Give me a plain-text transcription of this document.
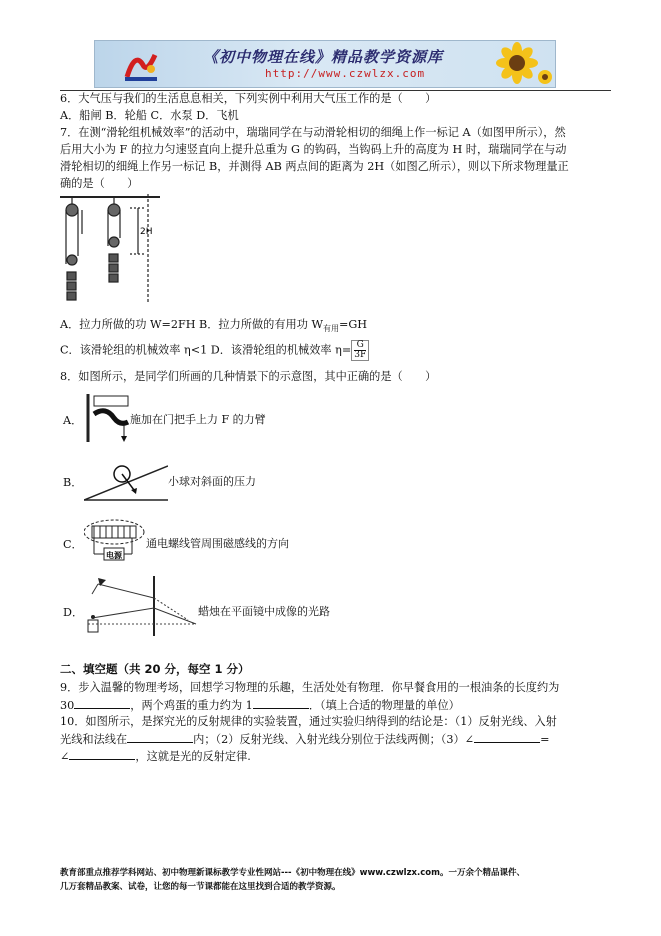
《初中物理在线》精品教学资源库
http://www.czwlzx.com
6．大气压与我们的生活息息相关，下列实例中利用大气压工作的是（　　）
A．船闸 B．轮船 C．水泵 D．飞机
7．在测“滑轮组机械效率”的活动中，瑞瑞同学在与动滑轮相切的细绳上作一标记 A（如图甲所示），然
后用大小为 F 的拉力匀速竖直向上提升总重为 G 的钩码，当钩码上升的高度为 H 时，瑞瑞同学在与动
滑轮相切的细绳上作另一标记 B，并测得 AB 两点间的距离为 2H（如图乙所示），则以下所求物理量正
确的是（　　）
2H
A．拉力所做的功 W=2FH B．拉力所做的有用功 $W_{有用}=GH$
C．该滑轮组的机械效率 η<1 D．该滑轮组的机械效率 $\eta= \frac{G}{3F}$
8．如图所示，是同学们所画的几种情景下的示意图，其中正确的是（　　）
A．	施加在门把手上力 F 的力臂
B．	小球对斜面的压力
C．
电源
通电螺线管周围磁感线的方向
D．	蜡烛在平面镜中成像的光路
二、填空题（共 20 分，每空 1 分）
9．步入温馨的物理考场，回想学习物理的乐趣，生活处处有物理．你早餐食用的一根油条的长度约为
30	，两个鸡蛋的重力约为 1	．（填上合适的物理量的单位）
10．如图所示，是探究光的反射规律的实验装置，通过实验归纳得到的结论是：（1）反射光线、入射
光线和法线在	内；（2）反射光线、入射光线分别位于法线两侧；（3）∠	=
∠	，这就是光的反射定律.
教育部重点推荐学科网站、初中物理新课标教学专业性网站---《初中物理在线》www.czwlzx.com。一万余个精品课件、
几万套精品教案、试卷，让您的每一节课都能在这里找到合适的教学资源。
